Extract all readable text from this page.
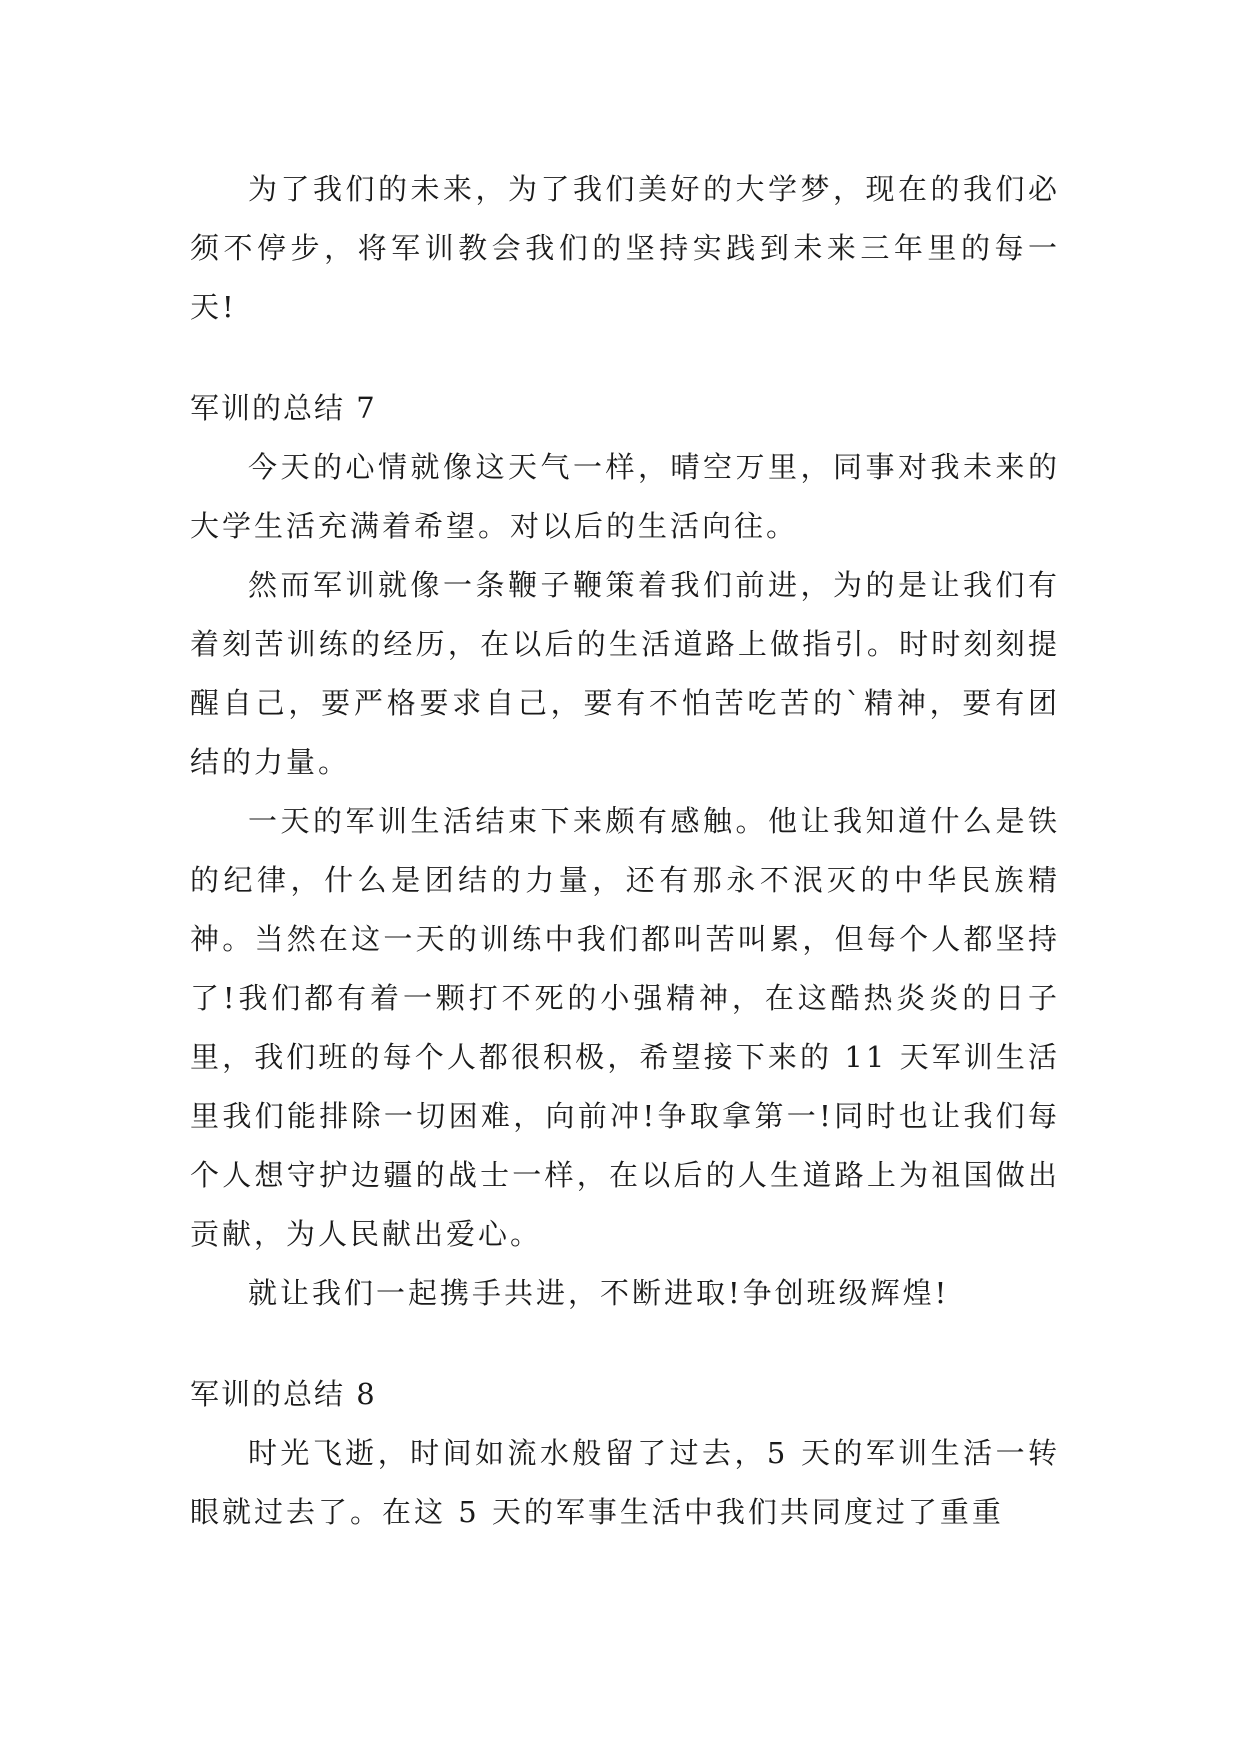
为了我们的未来，为了我们美好的大学梦，现在的我们必须不停步，将军训教会我们的坚持实践到未来三年里的每一天!

军训的总结 7

今天的心情就像这天气一样，晴空万里，同事对我未来的大学生活充满着希望。对以后的生活向往。

然而军训就像一条鞭子鞭策着我们前进，为的是让我们有着刻苦训练的经历，在以后的生活道路上做指引。时时刻刻提醒自己，要严格要求自己，要有不怕苦吃苦的`精神，要有团结的力量。

一天的军训生活结束下来颇有感触。他让我知道什么是铁的纪律，什么是团结的力量，还有那永不泯灭的中华民族精神。当然在这一天的训练中我们都叫苦叫累，但每个人都坚持了!我们都有着一颗打不死的小强精神，在这酷热炎炎的日子里，我们班的每个人都很积极，希望接下来的 11 天军训生活里我们能排除一切困难，向前冲!争取拿第一!同时也让我们每个人想守护边疆的战士一样，在以后的人生道路上为祖国做出贡献，为人民献出爱心。

就让我们一起携手共进，不断进取!争创班级辉煌!

军训的总结 8

时光飞逝，时间如流水般留了过去，5 天的军训生活一转眼就过去了。在这 5 天的军事生活中我们共同度过了重重
